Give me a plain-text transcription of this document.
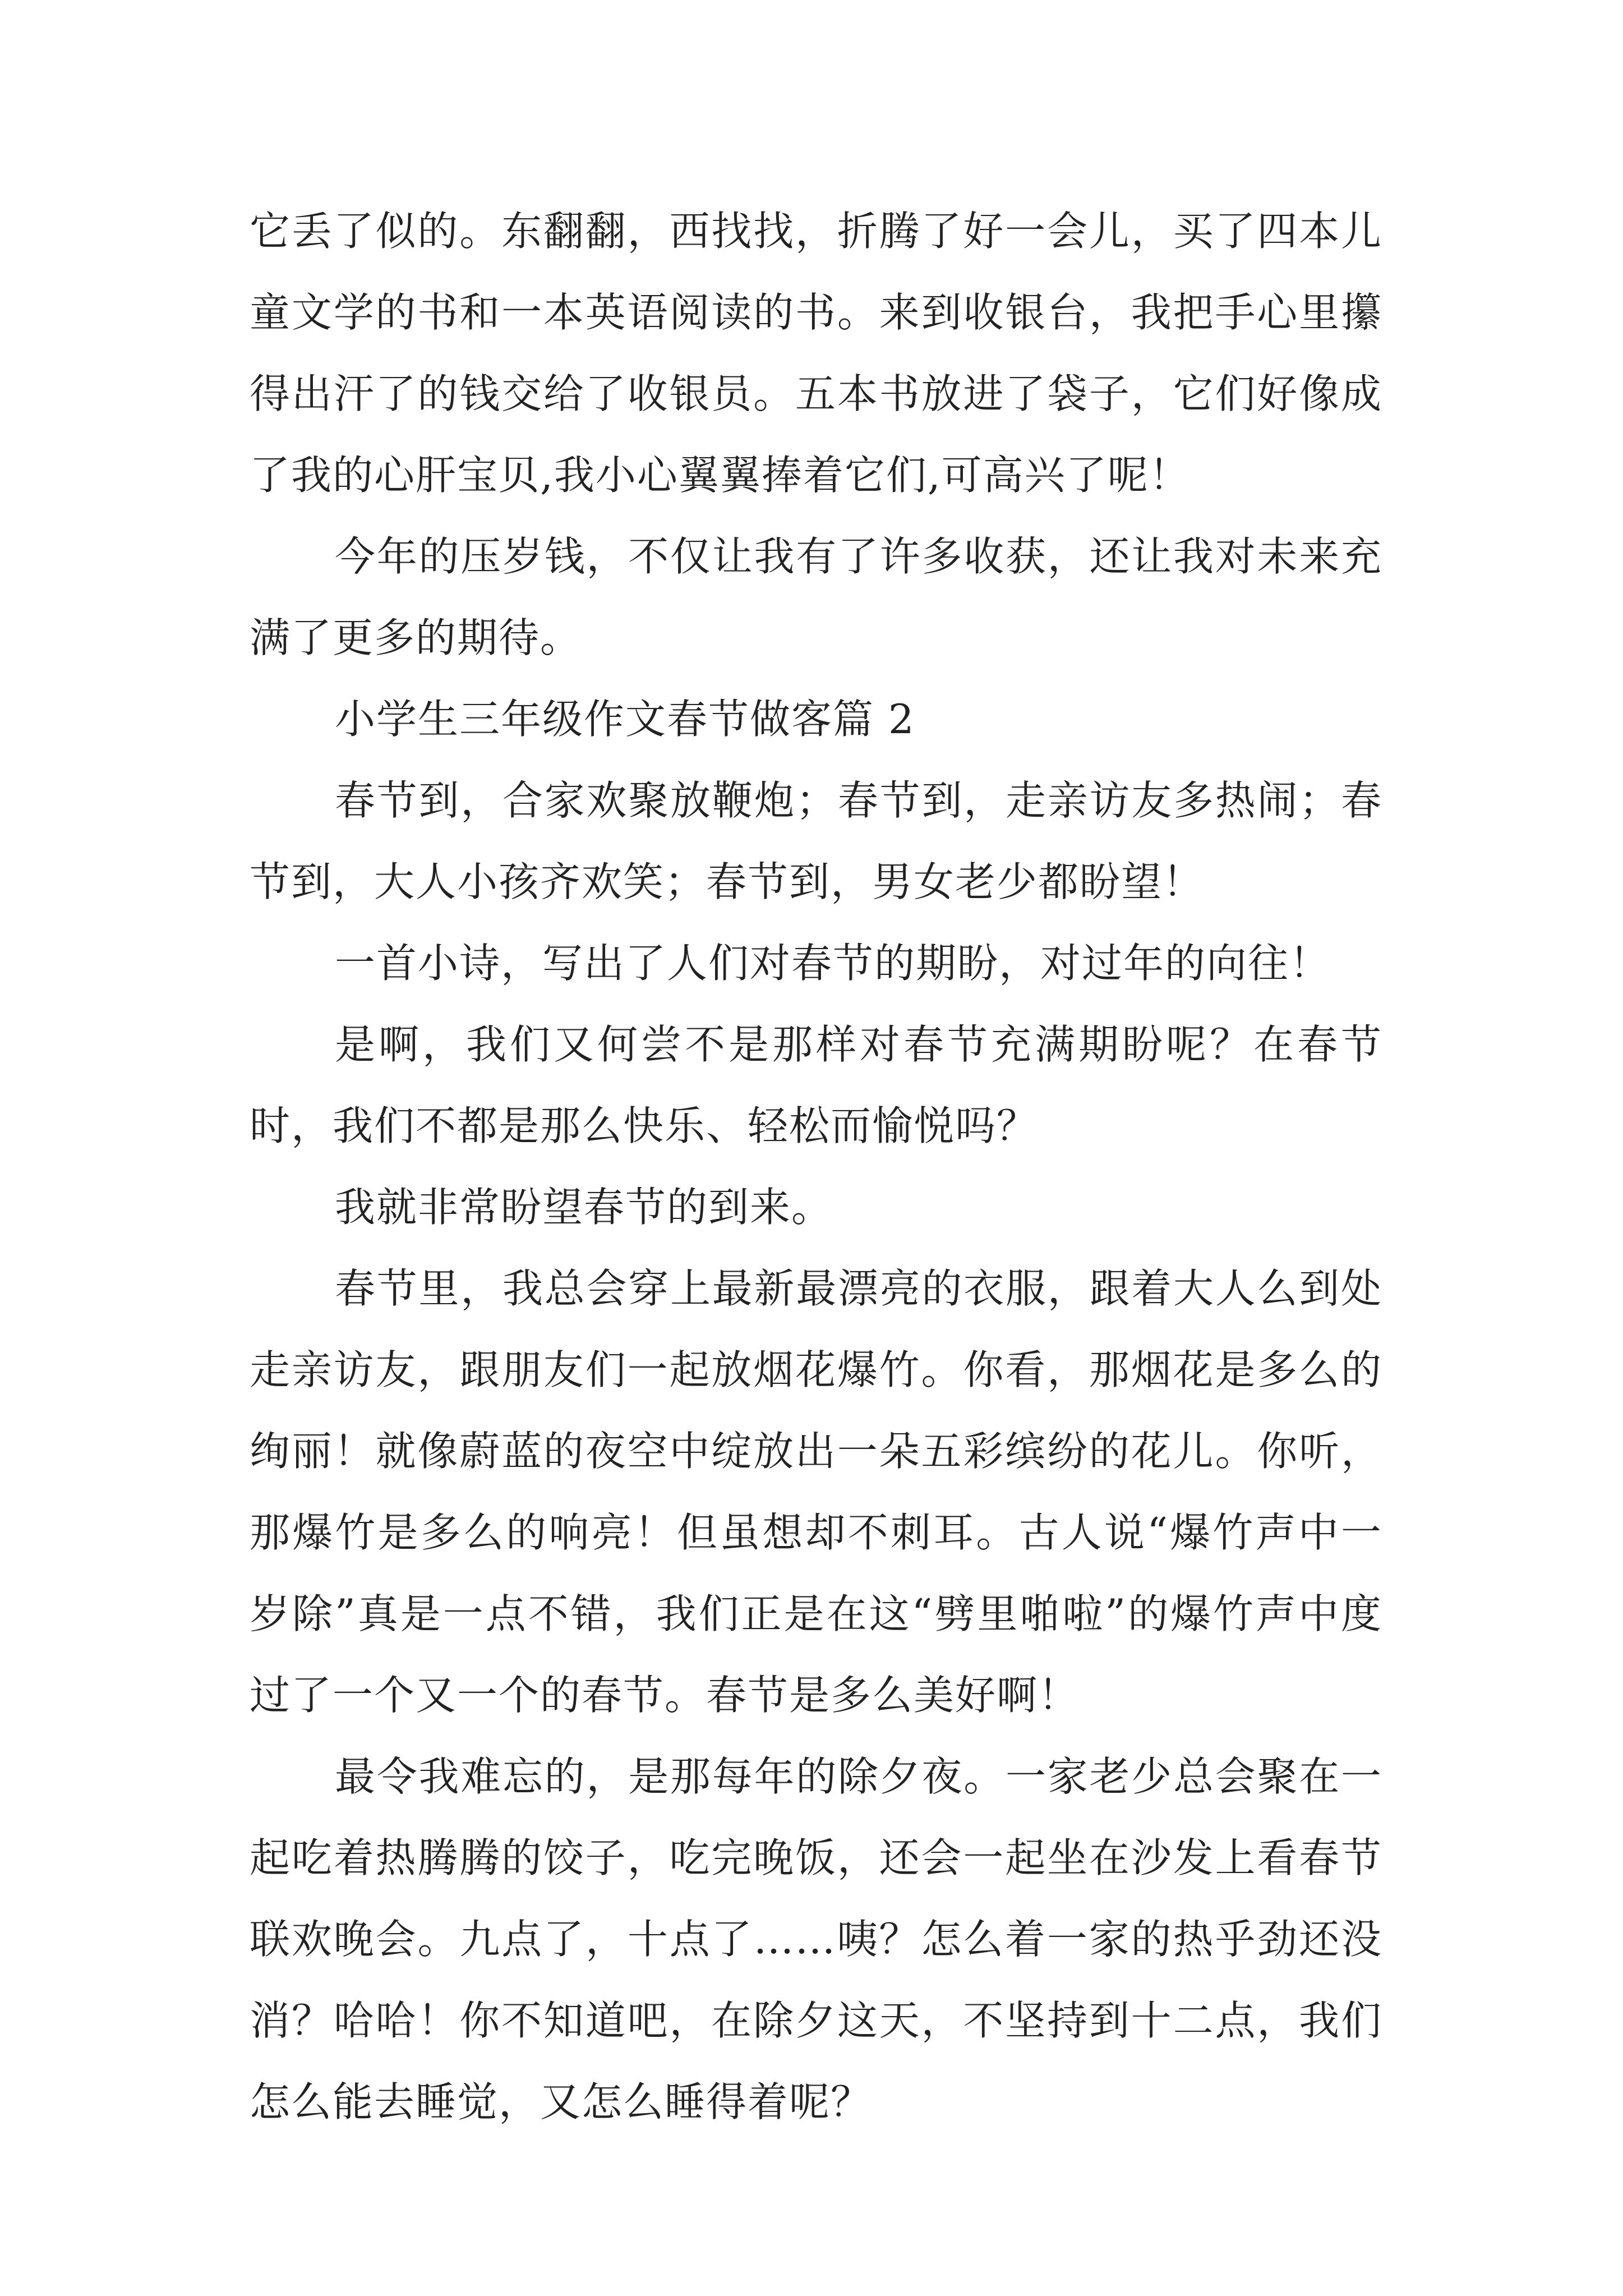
它丢了似的。东翻翻，西找找，折腾了好一会儿，买了四本儿童文学的书和一本英语阅读的书。来到收银台，我把手心里攥得出汗了的钱交给了收银员。五本书放进了袋子，它们好像成了我的心肝宝贝,我小心翼翼捧着它们,可高兴了呢！

今年的压岁钱，不仅让我有了许多收获，还让我对未来充满了更多的期待。

小学生三年级作文春节做客篇 2

春节到，合家欢聚放鞭炮；春节到，走亲访友多热闹；春节到，大人小孩齐欢笑；春节到，男女老少都盼望！

一首小诗，写出了人们对春节的期盼，对过年的向往！

是啊，我们又何尝不是那样对春节充满期盼呢？在春节时，我们不都是那么快乐、轻松而愉悦吗？

我就非常盼望春节的到来。

春节里，我总会穿上最新最漂亮的衣服，跟着大人么到处走亲访友，跟朋友们一起放烟花爆竹。你看，那烟花是多么的绚丽！就像蔚蓝的夜空中绽放出一朵五彩缤纷的花儿。你听，那爆竹是多么的响亮！但虽想却不刺耳。古人说“爆竹声中一岁除”真是一点不错，我们正是在这“劈里啪啦”的爆竹声中度过了一个又一个的春节。春节是多么美好啊！

最令我难忘的，是那每年的除夕夜。一家老少总会聚在一起吃着热腾腾的饺子，吃完晚饭，还会一起坐在沙发上看春节联欢晚会。九点了，十点了……咦？怎么着一家的热乎劲还没消？哈哈！你不知道吧，在除夕这天，不坚持到十二点，我们怎么能去睡觉，又怎么睡得着呢？
